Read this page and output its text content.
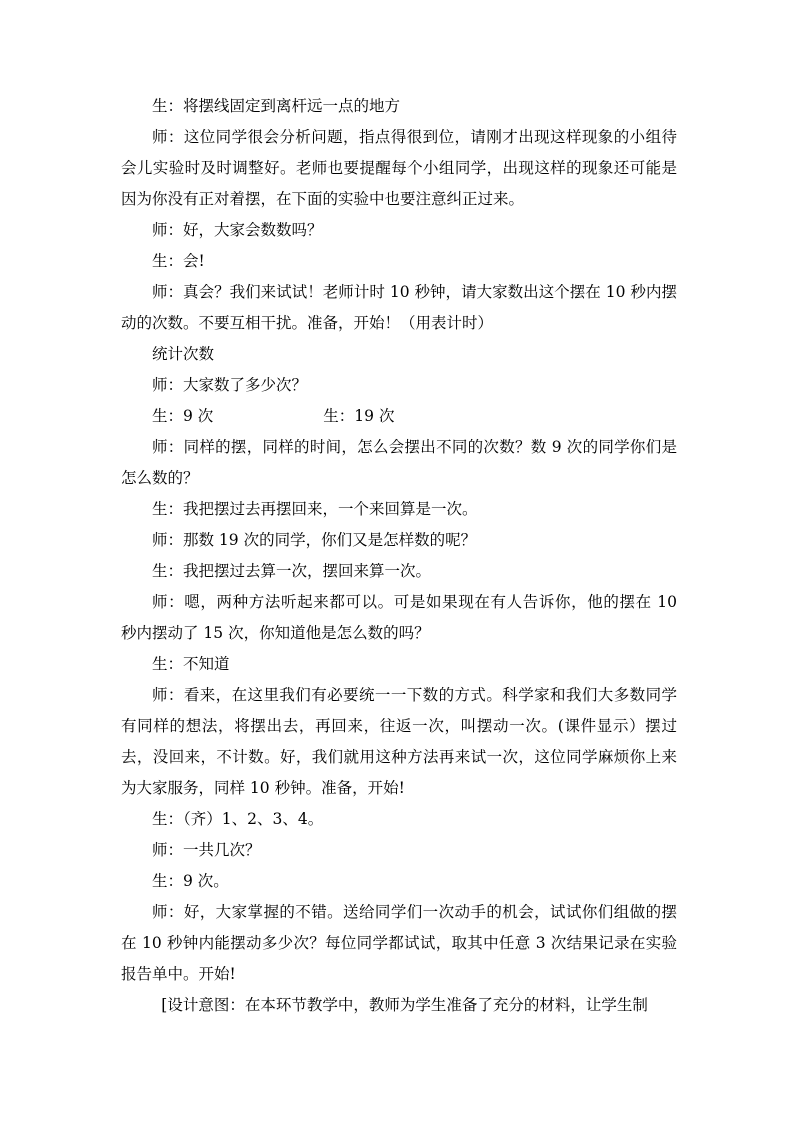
生：将摆线固定到离杆远一点的地方

师：这位同学很会分析问题，指点得很到位，请刚才出现这样现象的小组待会儿实验时及时调整好。老师也要提醒每个小组同学，出现这样的现象还可能是因为你没有正对着摆，在下面的实验中也要注意纠正过来。

师：好，大家会数数吗？

生：会!

师：真会？我们来试试！老师计时 10 秒钟，请大家数出这个摆在 10 秒内摆动的次数。不要互相干扰。准备，开始！（用表计时）

统计次数

师：大家数了多少次？

生：9 次	生：19 次

师：同样的摆，同样的时间，怎么会摆出不同的次数？数 9 次的同学你们是怎么数的？

生：我把摆过去再摆回来，一个来回算是一次。

师：那数 19 次的同学，你们又是怎样数的呢？

生：我把摆过去算一次，摆回来算一次。

师：嗯，两种方法听起来都可以。可是如果现在有人告诉你，他的摆在 10 秒内摆动了 15 次，你知道他是怎么数的吗？

生：不知道

师：看来，在这里我们有必要统一一下数的方式。科学家和我们大多数同学有同样的想法，将摆出去，再回来，往返一次，叫摆动一次。(课件显示）摆过去，没回来，不计数。好，我们就用这种方法再来试一次，这位同学麻烦你上来为大家服务，同样 10 秒钟。准备，开始!

生：（齐）1、2、3、4。

师：一共几次？

生：9 次。

师：好，大家掌握的不错。送给同学们一次动手的机会，试试你们组做的摆在 10 秒钟内能摆动多少次？每位同学都试试，取其中任意 3 次结果记录在实验报告单中。开始!

[设计意图：在本环节教学中，教师为学生准备了充分的材料，让学生制
